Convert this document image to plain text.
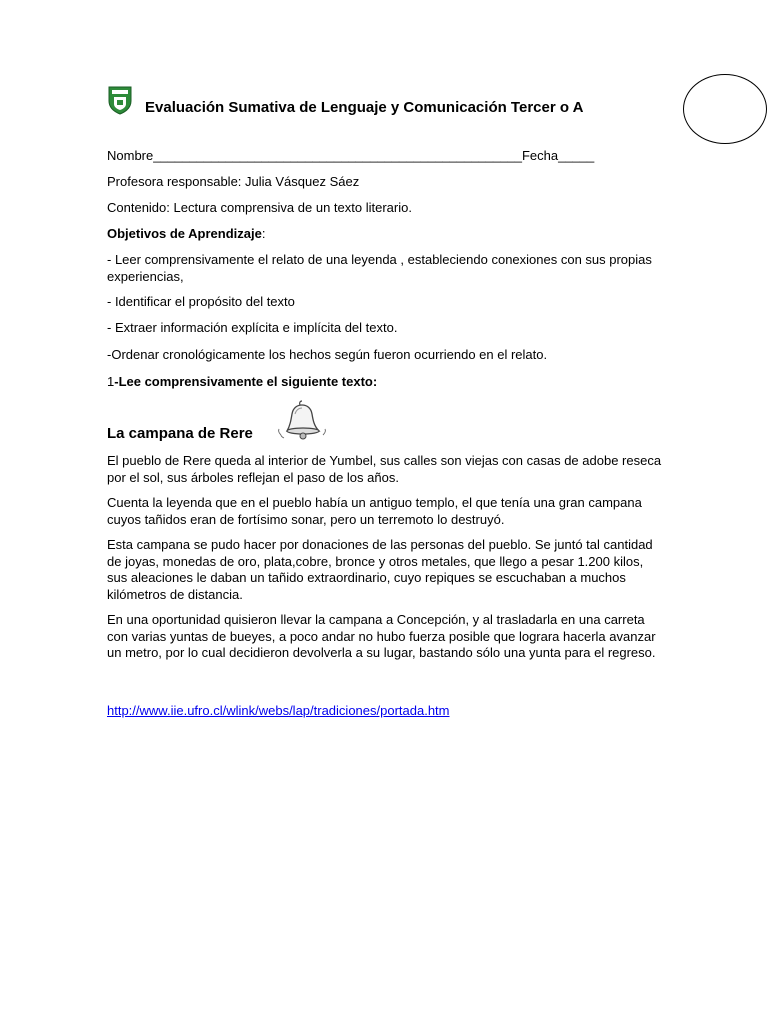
Evaluación Sumativa de Lenguaje y Comunicación Tercer o A
Nombre___________________________________________________Fecha_____
Profesora responsable: Julia Vásquez Sáez
Contenido: Lectura comprensiva de un texto literario.
Objetivos de Aprendizaje:
- Leer comprensivamente el relato de una leyenda , estableciendo conexiones con sus propias experiencias,
- Identificar el propósito del texto
- Extraer información explícita e implícita del texto.
-Ordenar cronológicamente los hechos según fueron ocurriendo en el relato.
1-Lee comprensivamente el siguiente texto:
La campana de Rere
El pueblo de Rere queda al interior de Yumbel, sus calles son viejas con casas de adobe reseca por el sol, sus árboles reflejan el paso de los años.
Cuenta la leyenda que en el pueblo había un antiguo templo, el que tenía una gran campana cuyos tañidos eran de fortísimo sonar, pero un terremoto lo destruyó.
Esta campana se pudo hacer por donaciones de las personas del pueblo. Se juntó tal cantidad de joyas, monedas de oro, plata,cobre, bronce y otros metales, que llego a pesar 1.200 kilos, sus aleaciones le daban un tañido extraordinario, cuyo repiques se escuchaban a muchos kilómetros de distancia.
En una oportunidad quisieron llevar la campana a Concepción, y al trasladarla en una carreta con varias yuntas de bueyes, a poco andar no hubo fuerza posible que lograra hacerla avanzar un metro, por lo cual decidieron devolverla a su lugar, bastando sólo una yunta para el regreso.
http://www.iie.ufro.cl/wlink/webs/lap/tradiciones/portada.htm
